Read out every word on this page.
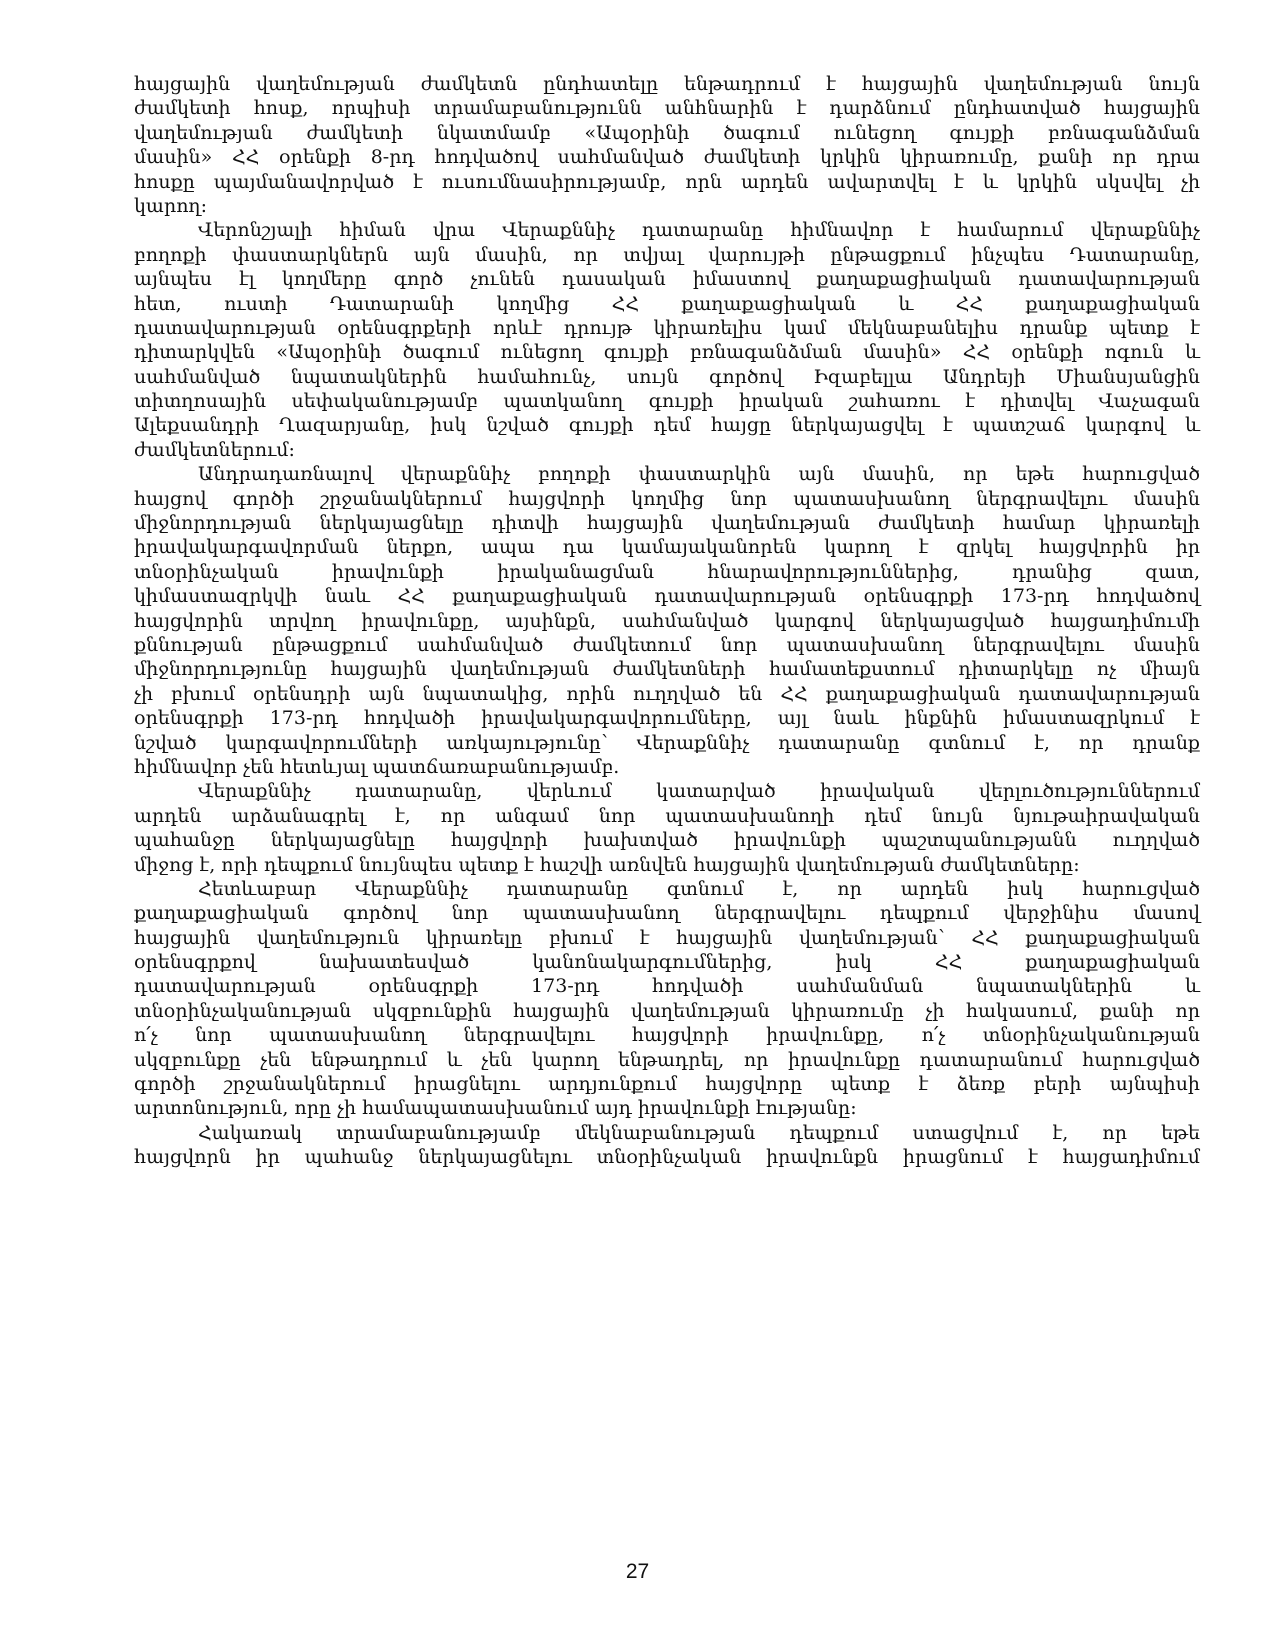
հայցային վաղեմության ժամկետն ընդհատելը ենթադրում է հայցային վաղեմության նույն
ժամկետի հոսք, որպիսի տրամաբանությունն անհնարին է դարձնում ընդհատված հայցային
վաղեմության ժամկետի նկատմամբ «Ապօրինի ծագում ունեցող գույքի բռնագանձման
մասին» ՀՀ օրենքի 8-րդ հոդվածով սահմանված ժամկետի կրկին կիրառումը, քանի որ դրա
հոսքը պայմանավորված է ուսումնասիրությամբ, որն արդեն ավարտվել է և կրկին սկսվել չի
կարող:
Վերոնշյալի հիման վրա Վերաքննիչ դատարանը հիմնավոր է համարում վերաքննիչ
բողոքի փաստարկներն այն մասին, որ տվյալ վարույթի ընթացքում ինչպես Դատարանը,
այնպես էլ կողմերը գործ չունեն դասական իմաստով քաղաքացիական դատավարության
հետ, ուստի Դատարանի կողմից ՀՀ քաղաքացիական և ՀՀ քաղաքացիական
դատավարության օրենսգրքերի որևէ դրույթ կիրառելիս կամ մեկնաբանելիս դրանք պետք է
դիտարկվեն «Ապօրինի ծագում ունեցող գույքի բռնագանձման մասին» ՀՀ օրենքի ոգուն և
սահմանված նպատակներին համահունչ, սույն գործով Իզաբելլա Անդրեյի Միանսյանցին
տիտղոսային սեփականությամբ պատկանող գույքի իրական շահառու է դիտվել Վաչագան
Ալեքսանդրի Ղազարյանը, իսկ նշված գույքի դեմ հայցը ներկայացվել է պատշաճ կարգով և
ժամկետներում:
Անդրադառնալով վերաքննիչ բողոքի փաստարկին այն մասին, որ եթե հարուցված
հայցով գործի շրջանակներում հայցվորի կողմից նոր պատասխանող ներգրավելու մասին
միջնորդության ներկայացնելը դիտվի հայցային վաղեմության ժամկետի համար կիրառելի
իրավակարգավորման ներքո, ապա դա կամայականորեն կարող է զրկել հայցվորին իր
տնօրինչական իրավունքի իրականացման հնարավորություններից, դրանից զատ,
կիմաստազրկվի նաև ՀՀ քաղաքացիական դատավարության օրենսգրքի 173-րդ հոդվածով
հայցվորին տրվող իրավունքը, այսինքն, սահմանված կարգով ներկայացված հայցադիմումի
քննության ընթացքում սահմանված ժամկետում նոր պատասխանող ներգրավելու մասին
միջնորդությունը հայցային վաղեմության ժամկետների համատեքստում դիտարկելը ոչ միայն
չի բխում օրենսդրի այն նպատակից, որին ուղղված են ՀՀ քաղաքացիական դատավարության
օրենսգրքի 173-րդ հոդվածի իրավակարգավորումները, այլ նաև ինքնին իմաստազրկում է
նշված կարգավորումների առկայությունը՝ Վերաքննիչ դատարանը գտնում է, որ դրանք
հիմնավոր չեն հետևյալ պատճառաբանությամբ.
Վերաքննիչ դատարանը, վերևում կատարված իրավական վերլուծություններում
արդեն արձանագրել է, որ անգամ նոր պատասխանողի դեմ նույն նյութաիրավական
պահանջը ներկայացնելը հայցվորի խախտված իրավունքի պաշտպանությանն ուղղված
միջոց է, որի դեպքում նույնպես պետք է հաշվի առնվեն հայցային վաղեմության ժամկետները:
Հետևաբար Վերաքննիչ դատարանը գտնում է, որ արդեն իսկ հարուցված
քաղաքացիական գործով նոր պատասխանող ներգրավելու դեպքում վերջինիս մասով
հայցային վաղեմություն կիրառելը բխում է հայցային վաղեմության՝ ՀՀ քաղաքացիական
օրենսգրքով նախատեսված կանոնակարգումներից, իսկ ՀՀ քաղաքացիական
դատավարության օրենսգրքի 173-րդ հոդվածի սահմանման նպատակներին և
տնօրինչականության սկզբունքին հայցային վաղեմության կիրառումը չի հակասում, քանի որ
ո՛չ նոր պատասխանող ներգրավելու հայցվորի իրավունքը, ո՛չ տնօրինչականության
սկզբունքը չեն ենթադրում և չեն կարող ենթադրել, որ իրավունքը դատարանում հարուցված
գործի շրջանակներում իրացնելու արդյունքում հայցվորը պետք է ձեռք բերի այնպիսի
արտոնություն, որը չի համապատասխանում այդ իրավունքի էությանը:
Հակառակ տրամաբանությամբ մեկնաբանության դեպքում ստացվում է, որ եթե
հայցվորն իր պահանջ ներկայացնելու տնօրինչական իրավունքն իրացնում է հայցադիմում
27
